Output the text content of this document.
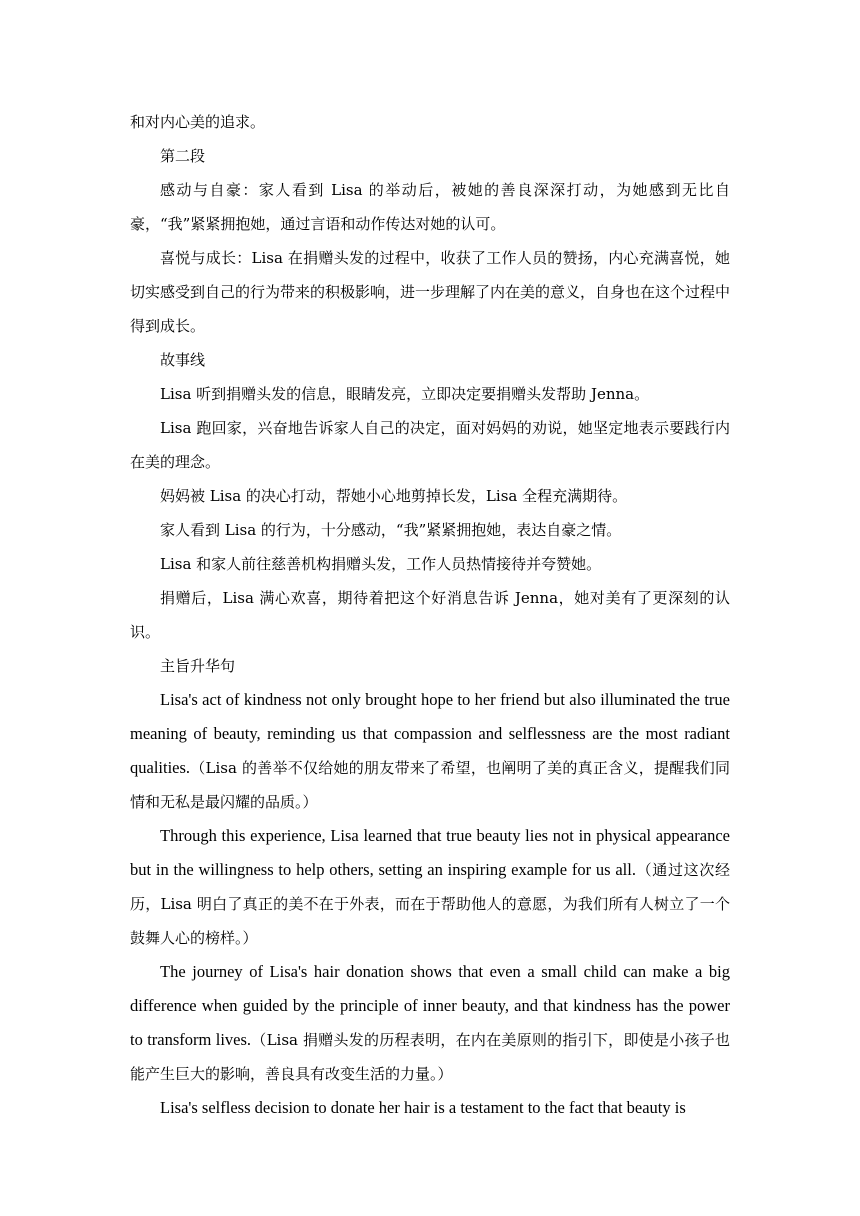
和对内心美的追求。

第二段

感动与自豪：家人看到 Lisa 的举动后，被她的善良深深打动，为她感到无比自豪，“我”紧紧拥抱她，通过言语和动作传达对她的认可。

喜悦与成长：Lisa 在捐赠头发的过程中，收获了工作人员的赞扬，内心充满喜悦，她切实感受到自己的行为带来的积极影响，进一步理解了内在美的意义，自身也在这个过程中得到成长。

故事线

Lisa 听到捐赠头发的信息，眼睛发亮，立即决定要捐赠头发帮助 Jenna。

Lisa 跑回家，兴奋地告诉家人自己的决定，面对妈妈的劝说，她坚定地表示要践行内在美的理念。

妈妈被 Lisa 的决心打动，帮她小心地剪掉长发，Lisa 全程充满期待。

家人看到 Lisa 的行为，十分感动，“我”紧紧拥抱她，表达自豪之情。

Lisa 和家人前往慈善机构捐赠头发，工作人员热情接待并夸赞她。

捐赠后，Lisa 满心欢喜，期待着把这个好消息告诉 Jenna，她对美有了更深刻的认识。

主旨升华句

Lisa's act of kindness not only brought hope to her friend but also illuminated the true meaning of beauty, reminding us that compassion and selflessness are the most radiant qualities.（Lisa 的善举不仅给她的朋友带来了希望，也阐明了美的真正含义，提醒我们同情和无私是最闪耀的品质。）

Through this experience, Lisa learned that true beauty lies not in physical appearance but in the willingness to help others, setting an inspiring example for us all.（通过这次经历，Lisa 明白了真正的美不在于外表，而在于帮助他人的意愿，为我们所有人树立了一个鼓舞人心的榜样。）

The journey of Lisa's hair donation shows that even a small child can make a big difference when guided by the principle of inner beauty, and that kindness has the power to transform lives.（Lisa 捐赠头发的历程表明，在内在美原则的指引下，即使是小孩子也能产生巨大的影响，善良具有改变生活的力量。）

Lisa's selfless decision to donate her hair is a testament to the fact that beauty is
